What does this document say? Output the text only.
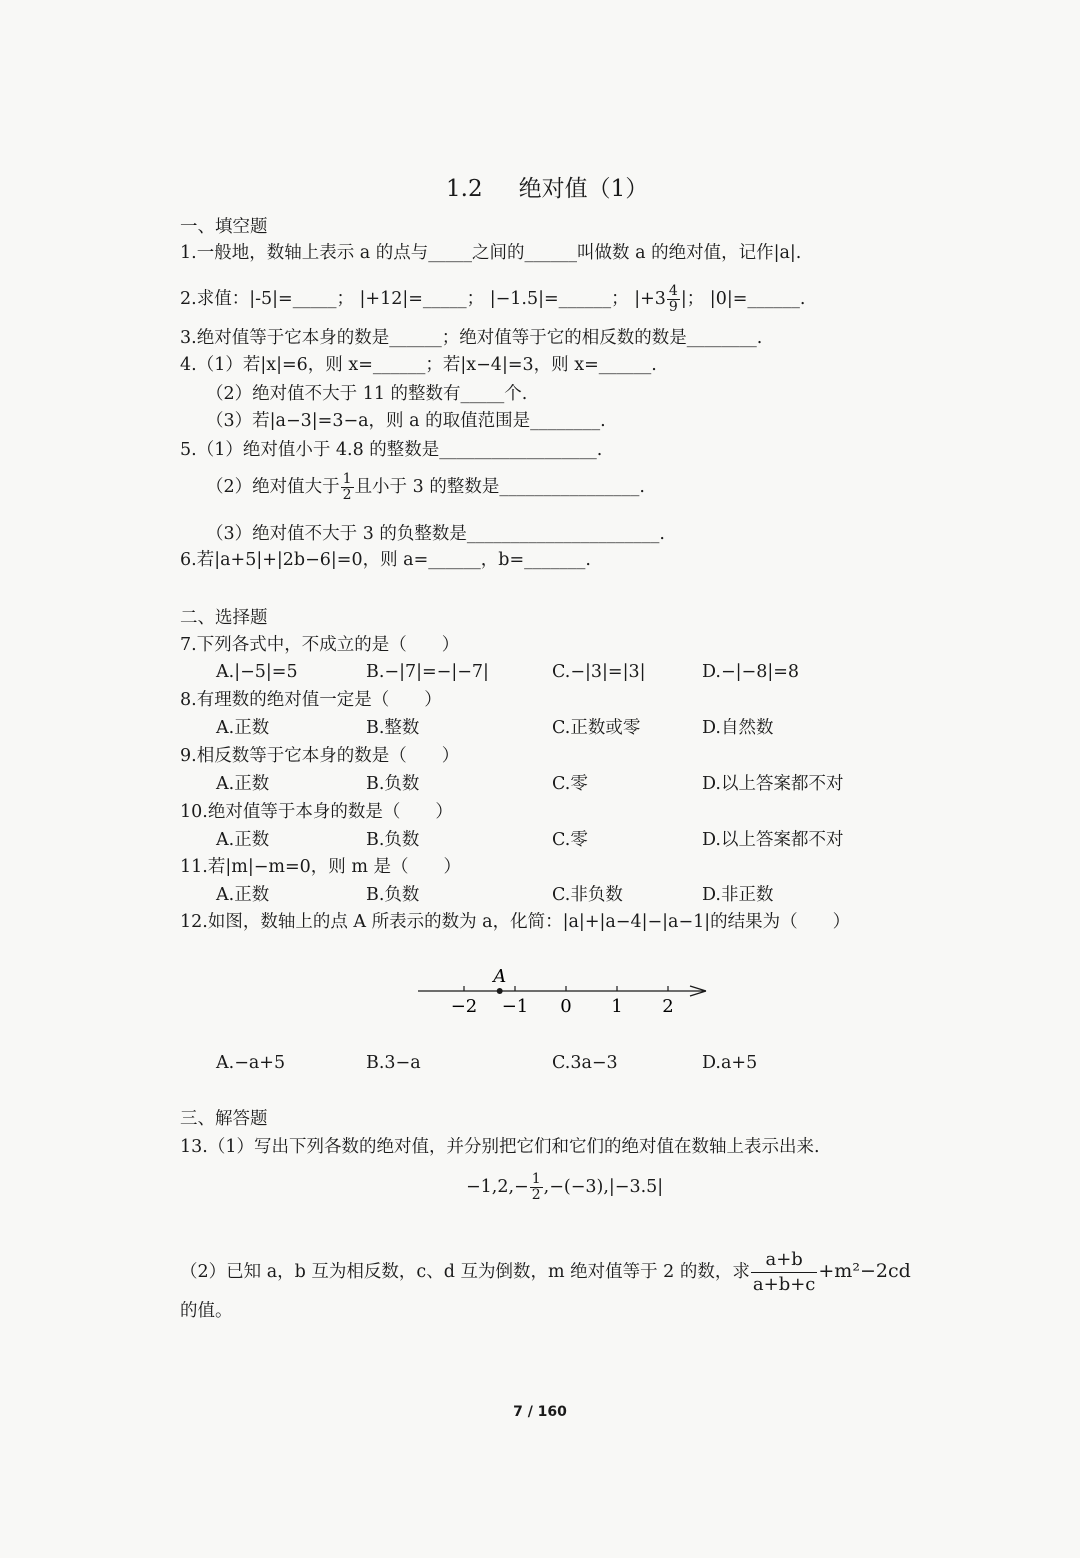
1.2 绝对值（1）
一、填空题
1.一般地，数轴上表示 a 的点与_____之间的______叫做数 a 的绝对值，记作|a|.
2.求值：|-5|=_____； |+12|=_____； |−1.5|=______； $|+3 \frac{4}{9}$ |； |0|=______.
3.绝对值等于它本身的数是______；绝对值等于它的相反数的数是________.
4.（1）若|x|=6，则 x=______；若|x−4|=3，则 x=______.
（2）绝对值不大于 11 的整数有_____个.
（3）若|a−3|=3−a，则 a 的取值范围是________.
5.（1）绝对值小于 4.8 的整数是__________________.
（2）绝对值大于 $\frac{1}{2}$ 且小于 3 的整数是________________.
（3）绝对值不大于 3 的负整数是______________________.
6.若|a+5|+|2b−6|=0，则 a=______，b=_______.
二、选择题
7.下列各式中，不成立的是（　　）
A.|−5|=5	B.−|7|=−|−7|	C.−|3|=|3|	D.−|−8|=8
8.有理数的绝对值一定是（　　）
A.正数	B.整数	C.正数或零	D.自然数
9.相反数等于它本身的数是（　　）
A.正数	B.负数	C.零	D.以上答案都不对
10.绝对值等于本身的数是（　　）
A.正数	B.负数	C.零	D.以上答案都不对
11.若|m|−m=0，则 m 是（　　）
A.正数	B.负数	C.非负数	D.非正数
12.如图，数轴上的点 A 所表示的数为 a，化简：|a|+|a−4|−|a−1|的结果为（　　）
−2 −1 0 1 2
A
A.−a+5	B.3−a	C.3a−3	D.a+5
三、解答题
13.（1）写出下列各数的绝对值，并分别把它们和它们的绝对值在数轴上表示出来.
$-1,2,- \frac{1}{2} ,-(-3),|-3.5|$
（2）已知 a，b 互为相反数，c、d 互为倒数，m 绝对值等于 2 的数，求 $\frac{a+b}{a+b+c} +m^2-2cd$
的值。
7 / 160
